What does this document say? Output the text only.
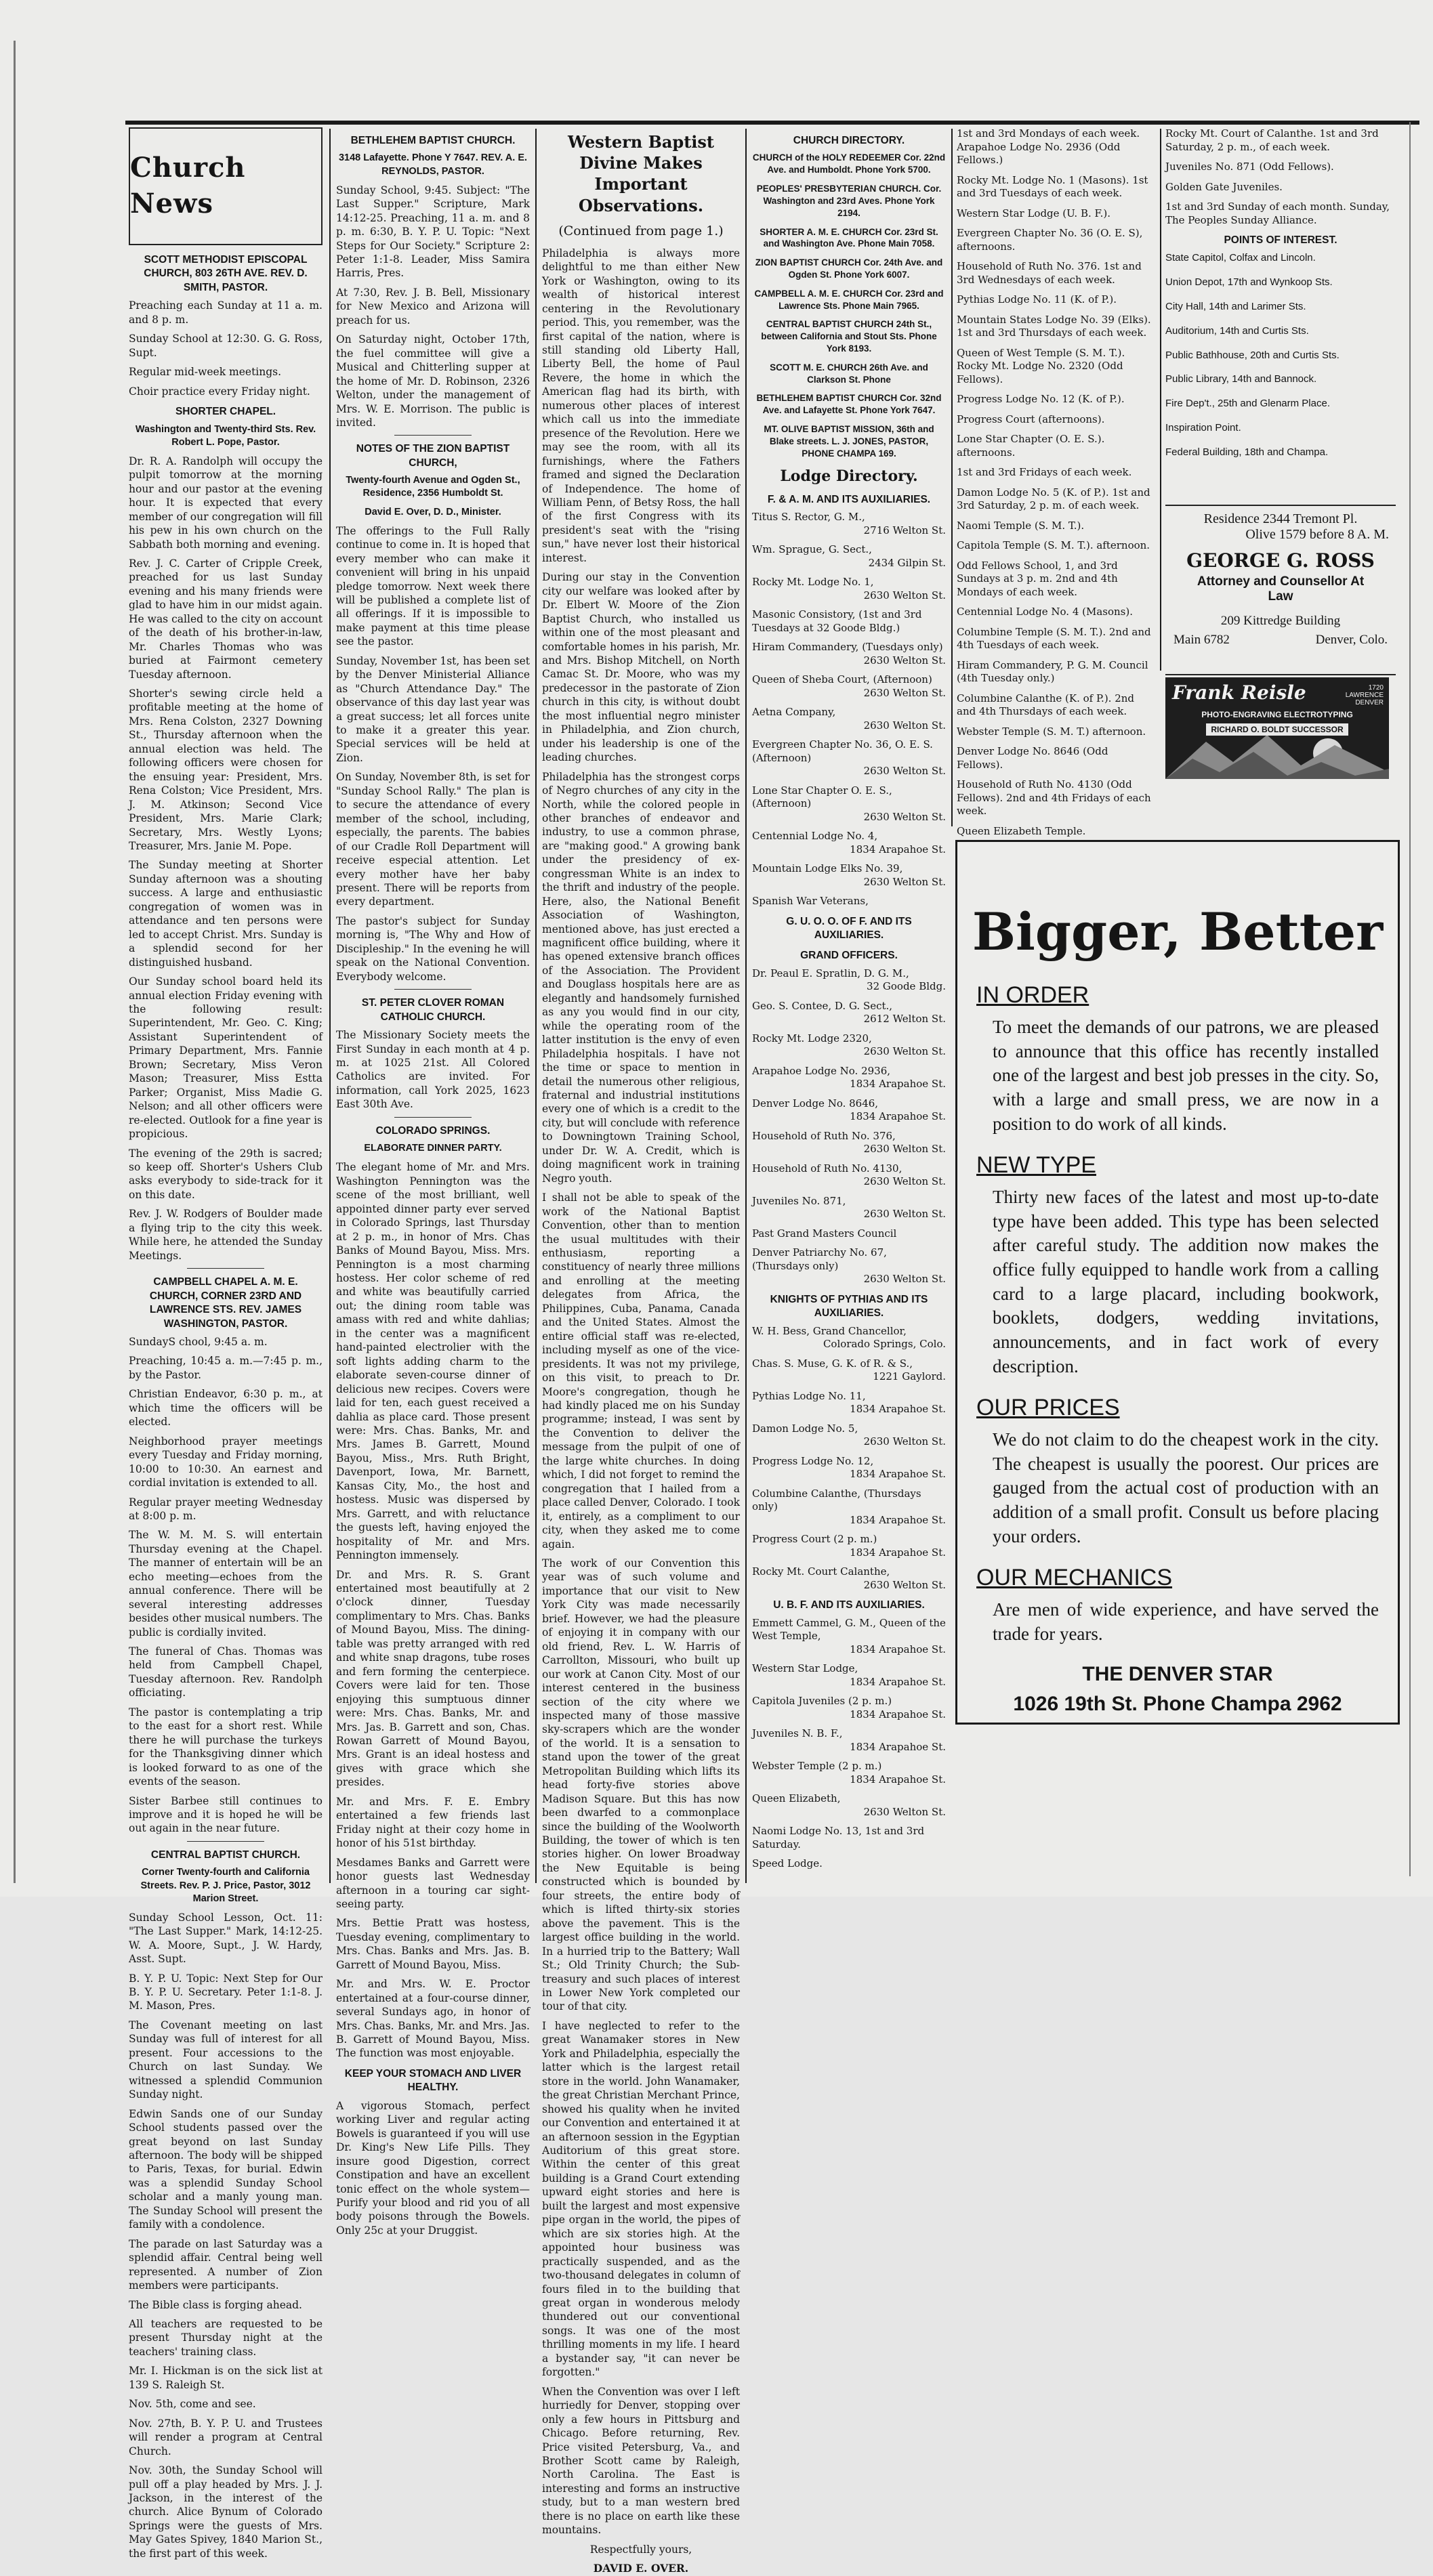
Church News
SCOTT METHODIST EPISCOPAL CHURCH, 803 26TH AVE. REV. D. SMITH, PASTOR.

Preaching each Sunday at 11 a. m. and 8 p. m.

Sunday School at 12:30. G. G. Ross, Supt.

Regular mid-week meetings.

Choir practice every Friday night.

SHORTER CHAPEL.
Washington and Twenty-third Sts. Rev. Robert L. Pope, Pastor.

Dr. R. A. Randolph will occupy the pulpit tomorrow at the morning hour and our pastor at the evening hour. It is expected that every member of our congregation will fill his pew in his own church on the Sabbath both morning and evening.

Rev. J. C. Carter of Cripple Creek, preached for us last Sunday evening and his many friends were glad to have him in our midst again. He was called to the city on account of the death of his brother-in-law, Mr. Charles Thomas who was buried at Fairmont cemetery Tuesday afternoon.

Shorter's sewing circle held a profitable meeting at the home of Mrs. Rena Colston, 2327 Downing St., Thursday afternoon when the annual election was held. The following officers were chosen for the ensuing year: President, Mrs. Rena Colston; Vice President, Mrs. J. M. Atkinson; Second Vice President, Mrs. Marie Clark; Secretary, Mrs. Westly Lyons; Treasurer, Mrs. Janie M. Pope.

The Sunday meeting at Shorter Sunday afternoon was a shouting success. A large and enthusiastic congregation of women was in attendance and ten persons were led to accept Christ. Mrs. Sunday is a splendid second for her distinguished husband.

Our Sunday school board held its annual election Friday evening with the following result: Superintendent, Mr. Geo. C. King; Assistant Superintendent of Primary Department, Mrs. Fannie Brown; Secretary, Miss Veron Mason; Treasurer, Miss Estta Parker; Organist, Miss Madie G. Nelson; and all other officers were re-elected. Outlook for a fine year is propicious.

The evening of the 29th is sacred; so keep off. Shorter's Ushers Club asks everybody to side-track for it on this date.

Rev. J. W. Rodgers of Boulder made a flying trip to the city this week. While here, he attended the Sunday Meetings.

CAMPBELL CHAPEL A. M. E. CHURCH, CORNER 23RD AND LAWRENCE STS. REV. JAMES WASHINGTON, PASTOR.

SundayS chool, 9:45 a. m.

Preaching, 10:45 a. m.—7:45 p. m., by the Pastor.

Christian Endeavor, 6:30 p. m., at which time the officers will be elected.

Neighborhood prayer meetings every Tuesday and Friday morning, 10:00 to 10:30. An earnest and cordial invitation is extended to all.

Regular prayer meeting Wednesday at 8:00 p. m.

The W. M. M. S. will entertain Thursday evening at the Chapel. The manner of entertain will be an echo meeting—echoes from the annual conference. There will be several interesting addresses besides other musical numbers. The public is cordially invited.

The funeral of Chas. Thomas was held from Campbell Chapel, Tuesday afternoon. Rev. Randolph officiating.

The pastor is contemplating a trip to the east for a short rest. While there he will purchase the turkeys for the Thanksgiving dinner which is looked forward to as one of the events of the season.

Sister Barbee still continues to improve and it is hoped he will be out again in the near future.

CENTRAL BAPTIST CHURCH.
Corner Twenty-fourth and California Streets. Rev. P. J. Price, Pastor, 3012 Marion Street.

Sunday School Lesson, Oct. 11: "The Last Supper." Mark, 14:12-25. W. A. Moore, Supt., J. W. Hardy, Asst. Supt.

B. Y. P. U. Topic: Next Step for Our B. Y. P. U. Secretary. Peter 1:1-8. J. M. Mason, Pres.

The Covenant meeting on last Sunday was full of interest for all present. Four accessions to the Church on last Sunday. We witnessed a splendid Communion Sunday night.

Edwin Sands one of our Sunday School students passed over the great beyond on last Sunday afternoon. The body will be shipped to Paris, Texas, for burial. Edwin was a splendid Sunday School scholar and a manly young man. The Sunday School will present the family with a condolence.

The parade on last Saturday was a splendid affair. Central being well represented. A number of Zion members were participants.

The Bible class is forging ahead.

All teachers are requested to be present Thursday night at the teachers' training class.

Mr. I. Hickman is on the sick list at 139 S. Raleigh St.

Nov. 5th, come and see.

Nov. 27th, B. Y. P. U. and Trustees will render a program at Central Church.

Nov. 30th, the Sunday School will pull off a play headed by Mrs. J. J. Jackson, in the interest of the church. Alice Bynum of Colorado Springs were the guests of Mrs. May Gates Spivey, 1840 Marion St., the first part of this week.

BETHLEHEM BAPTIST CHURCH.
3148 Lafayette. Phone Y 7647. REV. A. E. REYNOLDS, PASTOR.

Sunday School, 9:45. Subject: "The Last Supper." Scripture, Mark 14:12-25. Preaching, 11 a. m. and 8 p. m. 6:30, B. Y. P. U. Topic: "Next Steps for Our Society." Scripture 2: Peter 1:1-8. Leader, Miss Samira Harris, Pres.

At 7:30, Rev. J. B. Bell, Missionary for New Mexico and Arizona will preach for us.

On Saturday night, October 17th, the fuel committee will give a Musical and Chitterling supper at the home of Mr. D. Robinson, 2326 Welton, under the management of Mrs. W. E. Morrison. The public is invited.

NOTES OF THE ZION BAPTIST CHURCH,
Twenty-fourth Avenue and Ogden St., Residence, 2356 Humboldt St.
David E. Over, D. D., Minister.

The offerings to the Full Rally continue to come in. It is hoped that every member who can make it convenient will bring in his unpaid pledge tomorrow. Next week there will be published a complete list of all offerings. If it is impossible to make payment at this time please see the pastor.

Sunday, November 1st, has been set by the Denver Ministerial Alliance as "Church Attendance Day." The observance of this day last year was a great success; let all forces unite to make it a greater this year. Special services will be held at Zion.

On Sunday, November 8th, is set for "Sunday School Rally." The plan is to secure the attendance of every member of the school, including, especially, the parents. The babies of our Cradle Roll Department will receive especial attention. Let every mother have her baby present. There will be reports from every department.

The pastor's subject for Sunday morning is, "The Why and How of Discipleship." In the evening he will speak on the National Convention. Everybody welcome.

ST. PETER CLOVER ROMAN CATHOLIC CHURCH.

The Missionary Society meets the First Sunday in each month at 4 p. m. at 1025 21st. All Colored Catholics are invited. For information, call York 2025, 1623 East 30th Ave.

COLORADO SPRINGS.
ELABORATE DINNER PARTY.

The elegant home of Mr. and Mrs. Washington Pennington was the scene of the most brilliant, well appointed dinner party ever served in Colorado Springs, last Thursday at 2 p. m., in honor of Mrs. Chas Banks of Mound Bayou, Miss. Mrs. Pennington is a most charming hostess. Her color scheme of red and white was beautifully carried out; the dining room table was amass with red and white dahlias; in the center was a magnificent hand-painted electrolier with the soft lights adding charm to the elaborate seven-course dinner of delicious new recipes. Covers were laid for ten, each guest received a dahlia as place card. Those present were: Mrs. Chas. Banks, Mr. and Mrs. James B. Garrett, Mound Bayou, Miss., Mrs. Ruth Bright, Davenport, Iowa, Mr. Barnett, Kansas City, Mo., the host and hostess. Music was dispersed by Mrs. Garrett, and with reluctance the guests left, having enjoyed the hospitality of Mr. and Mrs. Pennington immensely.

Dr. and Mrs. R. S. Grant entertained most beautifully at 2 o'clock dinner, Tuesday complimentary to Mrs. Chas. Banks of Mound Bayou, Miss. The dining-table was pretty arranged with red and white snap dragons, tube roses and fern forming the centerpiece. Covers were laid for ten. Those enjoying this sumptuous dinner were: Mrs. Chas. Banks, Mr. and Mrs. Jas. B. Garrett and son, Chas. Rowan Garrett of Mound Bayou, Mrs. Grant is an ideal hostess and gives with grace which she presides.

Mr. and Mrs. F. E. Embry entertained a few friends last Friday night at their cozy home in honor of his 51st birthday.

Mesdames Banks and Garrett were honor guests last Wednesday afternoon in a touring car sight-seeing party.

Mrs. Bettie Pratt was hostess, Tuesday evening, complimentary to Mrs. Chas. Banks and Mrs. Jas. B. Garrett of Mound Bayou, Miss.

Mr. and Mrs. W. E. Proctor entertained at a four-course dinner, several Sundays ago, in honor of Mrs. Chas. Banks, Mr. and Mrs. Jas. B. Garrett of Mound Bayou, Miss. The function was most enjoyable.

KEEP YOUR STOMACH AND LIVER HEALTHY.

A vigorous Stomach, perfect working Liver and regular acting Bowels is guaranteed if you will use Dr. King's New Life Pills. They insure good Digestion, correct Constipation and have an excellent tonic effect on the whole system—Purify your blood and rid you of all body poisons through the Bowels. Only 25c at your Druggist.

Western Baptist Divine Makes Important Observations.
(Continued from page 1.)

Philadelphia is always more delightful to me than either New York or Washington, owing to its wealth of historical interest centering in the Revolutionary period. This, you remember, was the first capital of the nation, where is still standing old Liberty Hall, Liberty Bell, the home of Paul Revere, the home in which the American flag had its birth, with numerous other places of interest which call us into the immediate presence of the Revolution. Here we may see the room, with all its furnishings, where the Fathers framed and signed the Declaration of Independence. The home of William Penn, of Betsy Ross, the hall of the first Congress with its president's seat with the "rising sun," have never lost their historical interest.

During our stay in the Convention city our welfare was looked after by Dr. Elbert W. Moore of the Zion Baptist Church, who installed us within one of the most pleasant and comfortable homes in his parish, Mr. and Mrs. Bishop Mitchell, on North Camac St. Dr. Moore, who was my predecessor in the pastorate of Zion church in this city, is without doubt the most influential negro minister in Philadelphia, and Zion church, under his leadership is one of the leading churches.

Philadelphia has the strongest corps of Negro churches of any city in the North, while the colored people in other branches of endeavor and industry, to use a common phrase, are "making good." A growing bank under the presidency of ex-congressman White is an index to the thrift and industry of the people. Here, also, the National Benefit Association of Washington, mentioned above, has just erected a magnificent office building, where it has opened extensive branch offices of the Association. The Provident and Douglass hospitals here are as elegantly and handsomely furnished as any you would find in our city, while the operating room of the latter institution is the envy of even Philadelphia hospitals. I have not the time or space to mention in detail the numerous other religious, fraternal and industrial institutions every one of which is a credit to the city, but will conclude with reference to Downingtown Training School, under Dr. W. A. Credit, which is doing magnificent work in training Negro youth.

I shall not be able to speak of the work of the National Baptist Convention, other than to mention the usual multitudes with their enthusiasm, reporting a constituency of nearly three millions and enrolling at the meeting delegates from Africa, the Philippines, Cuba, Panama, Canada and the United States. Almost the entire official staff was re-elected, including myself as one of the vice-presidents. It was not my privilege, on this visit, to preach to Dr. Moore's congregation, though he had kindly placed me on his Sunday programme; instead, I was sent by the Convention to deliver the message from the pulpit of one of the large white churches. In doing which, I did not forget to remind the congregation that I hailed from a place called Denver, Colorado. I took it, entirely, as a compliment to our city, when they asked me to come again.

The work of our Convention this year was of such volume and importance that our visit to New York City was made necessarily brief. However, we had the pleasure of enjoying it in company with our old friend, Rev. L. W. Harris of Carrollton, Missouri, who built up our work at Canon City. Most of our interest centered in the business section of the city where we inspected many of those massive sky-scrapers which are the wonder of the world. It is a sensation to stand upon the tower of the great Metropolitan Building which lifts its head forty-five stories above Madison Square. But this has now been dwarfed to a commonplace since the building of the Woolworth Building, the tower of which is ten stories higher. On lower Broadway the New Equitable is being constructed which is bounded by four streets, the entire body of which is lifted thirty-six stories above the pavement. This is the largest office building in the world. In a hurried trip to the Battery; Wall St.; Old Trinity Church; the Sub-treasury and such places of interest in Lower New York completed our tour of that city.

I have neglected to refer to the great Wanamaker stores in New York and Philadelphia, especially the latter which is the largest retail store in the world. John Wanamaker, the great Christian Merchant Prince, showed his quality when he invited our Convention and entertained it at an afternoon session in the Egyptian Auditorium of this great store. Within the center of this great building is a Grand Court extending upward eight stories and here is built the largest and most expensive pipe organ in the world, the pipes of which are six stories high. At the appointed hour business was practically suspended, and as the two-thousand delegates in column of fours filed in to the building that great organ in wonderous melody thundered out our conventional songs. It was one of the most thrilling moments in my life. I heard a bystander say, "it can never be forgotten."

When the Convention was over I left hurriedly for Denver, stopping over only a few hours in Pittsburg and Chicago. Before returning, Rev. Price visited Petersburg, Va., and Brother Scott came by Raleigh, North Carolina. The East is interesting and forms an instructive study, but to a man western bred there is no place on earth like these mountains.

Respectfully yours,

DAVID E. OVER.

CHURCH DIRECTORY.
CHURCH of the HOLY REDEEMER Cor. 22nd Ave. and Humboldt. Phone York 5700.
PEOPLES' PRESBYTERIAN CHURCH. Cor. Washington and 23rd Aves. Phone York 2194.
SHORTER A. M. E. CHURCH Cor. 23rd St. and Washington Ave. Phone Main 7058.
ZION BAPTIST CHURCH Cor. 24th Ave. and Ogden St. Phone York 6007.
CAMPBELL A. M. E. CHURCH Cor. 23rd and Lawrence Sts. Phone Main 7965.
CENTRAL BAPTIST CHURCH 24th St., between California and Stout Sts. Phone York 8193.
SCOTT M. E. CHURCH 26th Ave. and Clarkson St. Phone
BETHLEHEM BAPTIST CHURCH Cor. 32nd Ave. and Lafayette St. Phone York 7647.
MT. OLIVE BAPTIST MISSION, 36th and Blake streets. L. J. JONES, PASTOR, PHONE CHAMPA 169.
Lodge Directory.
F. & A. M. AND ITS AUXILIARIES.
Titus S. Rector, G. M.,
2716 Welton St.
Wm. Sprague, G. Sect.,
2434 Gilpin St.
Rocky Mt. Lodge No. 1,
2630 Welton St.
Masonic Consistory, (1st and 3rd Tuesdays at 32 Goode Bldg.)
Hiram Commandery, (Tuesdays only)
2630 Welton St.
Queen of Sheba Court, (Afternoon)
2630 Welton St.
Aetna Company,
2630 Welton St.
Evergreen Chapter No. 36, O. E. S. (Afternoon)
2630 Welton St.
Lone Star Chapter O. E. S., (Afternoon)
2630 Welton St.
Centennial Lodge No. 4,
1834 Arapahoe St.
Mountain Lodge Elks No. 39,
2630 Welton St.
Spanish War Veterans,
G. U. O. O. OF F. AND ITS AUXILIARIES.
GRAND OFFICERS.
Dr. Peaul E. Spratlin, D. G. M.,
32 Goode Bldg.
Geo. S. Contee, D. G. Sect.,
2612 Welton St.
Rocky Mt. Lodge 2320,
2630 Welton St.
Arapahoe Lodge No. 2936,
1834 Arapahoe St.
Denver Lodge No. 8646,
1834 Arapahoe St.
Household of Ruth No. 376,
2630 Welton St.
Household of Ruth No. 4130,
2630 Welton St.
Juveniles No. 871,
2630 Welton St.
Past Grand Masters Council
Denver Patriarchy No. 67, (Thursdays only)
2630 Welton St.
KNIGHTS OF PYTHIAS AND ITS AUXILIARIES.
W. H. Bess, Grand Chancellor,
Colorado Springs, Colo.
Chas. S. Muse, G. K. of R. & S.,
1221 Gaylord.
Pythias Lodge No. 11,
1834 Arapahoe St.
Damon Lodge No. 5,
2630 Welton St.
Progress Lodge No. 12,
1834 Arapahoe St.
Columbine Calanthe, (Thursdays only)
1834 Arapahoe St.
Progress Court (2 p. m.)
1834 Arapahoe St.
Rocky Mt. Court Calanthe,
2630 Welton St.
U. B. F. AND ITS AUXILIARIES.
Emmett Cammel, G. M., Queen of the West Temple,
1834 Arapahoe St.
Western Star Lodge,
1834 Arapahoe St.
Capitola Juveniles (2 p. m.)
1834 Arapahoe St.
Juveniles N. B. F.,
1834 Arapahoe St.
Webster Temple (2 p. m.)
1834 Arapahoe St.
Queen Elizabeth,
2630 Welton St.
Naomi Lodge No. 13, 1st and 3rd Saturday.
Speed Lodge.
1st and 3rd Mondays of each week. Arapahoe Lodge No. 2936 (Odd Fellows.)
Rocky Mt. Lodge No. 1 (Masons). 1st and 3rd Tuesdays of each week.
Western Star Lodge (U. B. F.).
Evergreen Chapter No. 36 (O. E. S), afternoons.
Household of Ruth No. 376. 1st and 3rd Wednesdays of each week.
Pythias Lodge No. 11 (K. of P.).
Mountain States Lodge No. 39 (Elks). 1st and 3rd Thursdays of each week.
Queen of West Temple (S. M. T.). Rocky Mt. Lodge No. 2320 (Odd Fellows).
Progress Lodge No. 12 (K. of P.).
Progress Court (afternoons).
Lone Star Chapter (O. E. S.). afternoons.
1st and 3rd Fridays of each week.
Damon Lodge No. 5 (K. of P.). 1st and 3rd Saturday, 2 p. m. of each week.
Naomi Temple (S. M. T.).
Capitola Temple (S. M. T.). afternoon.
Odd Fellows School, 1, and 3rd Sundays at 3 p. m. 2nd and 4th Mondays of each week.
Centennial Lodge No. 4 (Masons).
Columbine Temple (S. M. T.). 2nd and 4th Tuesdays of each week.
Hiram Commandery, P. G. M. Council (4th Tuesday only.)
Columbine Calanthe (K. of P.). 2nd and 4th Thursdays of each week.
Webster Temple (S. M. T.) afternoon.
Denver Lodge No. 8646 (Odd Fellows).
Household of Ruth No. 4130 (Odd Fellows). 2nd and 4th Fridays of each week.
Queen Elizabeth Temple.
Rocky Mt. Court of Calanthe. 1st and 3rd Saturday, 2 p. m., of each week.
Juveniles No. 871 (Odd Fellows).
Golden Gate Juveniles.
1st and 3rd Sunday of each month. Sunday, The Peoples Sunday Alliance.
POINTS OF INTEREST.
State Capitol, Colfax and Lincoln.
Union Depot, 17th and Wynkoop Sts.
City Hall, 14th and Larimer Sts.
Auditorium, 14th and Curtis Sts.
Public Bathhouse, 20th and Curtis Sts.
Public Library, 14th and Bannock.
Fire Dep't., 25th and Glenarm Place.
Inspiration Point.
Federal Building, 18th and Champa.
Residence 2344 Tremont Pl.
Olive 1579 before 8 A. M.
GEORGE G. ROSS
Attorney and Counsellor At Law
209 Kittredge Building
Main 6782	Denver, Colo.
Frank Reisle	1720 LAWRENCE DENVER
PHOTO-ENGRAVING ELECTROTYPING
RICHARD O. BOLDT SUCCESSOR
Bigger, Better
IN ORDER
To meet the demands of our patrons, we are pleased to announce that this office has recently installed one of the largest and best job presses in the city. So, with a large and small press, we are now in a position to do work of all kinds.
NEW TYPE
Thirty new faces of the latest and most up-to-date type have been added. This type has been selected after careful study. The addition now makes the office fully equipped to handle work from a calling card to a large placard, including bookwork, booklets, dodgers, wedding invitations, announcements, and in fact work of every description.
OUR PRICES
We do not claim to do the cheapest work in the city. The cheapest is usually the poorest. Our prices are gauged from the actual cost of production with an addition of a small profit. Consult us before placing your orders.
OUR MECHANICS
Are men of wide experience, and have served the trade for years.
THE DENVER STAR
1026 19th St. Phone Champa 2962
